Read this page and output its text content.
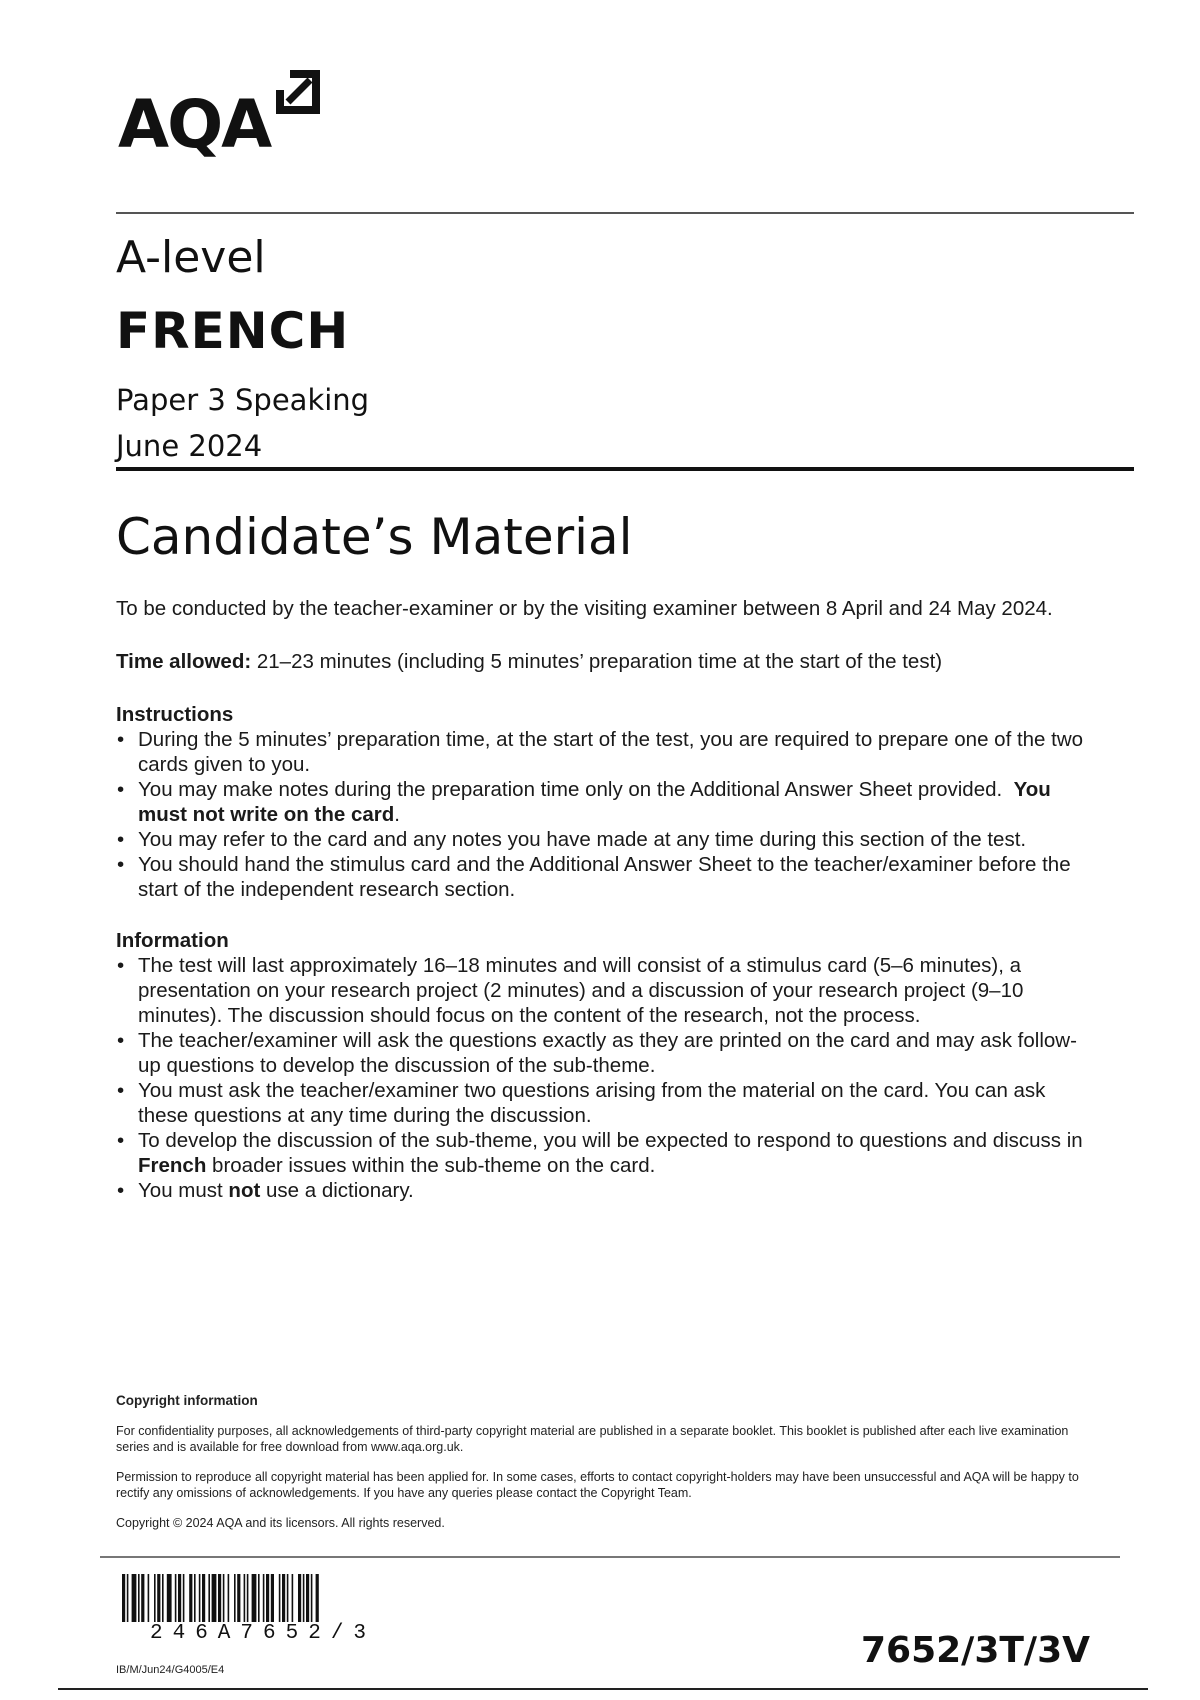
AQA
A-level
FRENCH
Paper 3 Speaking
June 2024
Candidate’s Material

To be conducted by the teacher-examiner or by the visiting examiner between 8 April and 24 May 2024.

Time allowed: 21–23 minutes (including 5 minutes’ preparation time at the start of the test)

Instructions

• During the 5 minutes’ preparation time, at the start of the test, you are required to prepare one of the two cards given to you.
• You may make notes during the preparation time only on the Additional Answer Sheet provided. You must not write on the card.
• You may refer to the card and any notes you have made at any time during this section of the test.
• You should hand the stimulus card and the Additional Answer Sheet to the teacher/examiner before the start of the independent research section.

Information

• The test will last approximately 16–18 minutes and will consist of a stimulus card (5–6 minutes), a presentation on your research project (2 minutes) and a discussion of your research project (9–10 minutes). The discussion should focus on the content of the research, not the process.
• The teacher/examiner will ask the questions exactly as they are printed on the card and may ask follow-up questions to develop the discussion of the sub-theme.
• You must ask the teacher/examiner two questions arising from the material on the card. You can ask these questions at any time during the discussion.
• To develop the discussion of the sub-theme, you will be expected to respond to questions and discuss in French broader issues within the sub-theme on the card.
• You must not use a dictionary.
Copyright information

For confidentiality purposes, all acknowledgements of third-party copyright material are published in a separate booklet. This booklet is published after each live examination series and is available for free download from www.aqa.org.uk.

Permission to reproduce all copyright material has been applied for. In some cases, efforts to contact copyright-holders may have been unsuccessful and AQA will be happy to rectify any omissions of acknowledgements. If you have any queries please contact the Copyright Team.

Copyright © 2024 AQA and its licensors. All rights reserved.

246A7652/3
IB/M/Jun24/G4005/E4	7652/3T/3V
